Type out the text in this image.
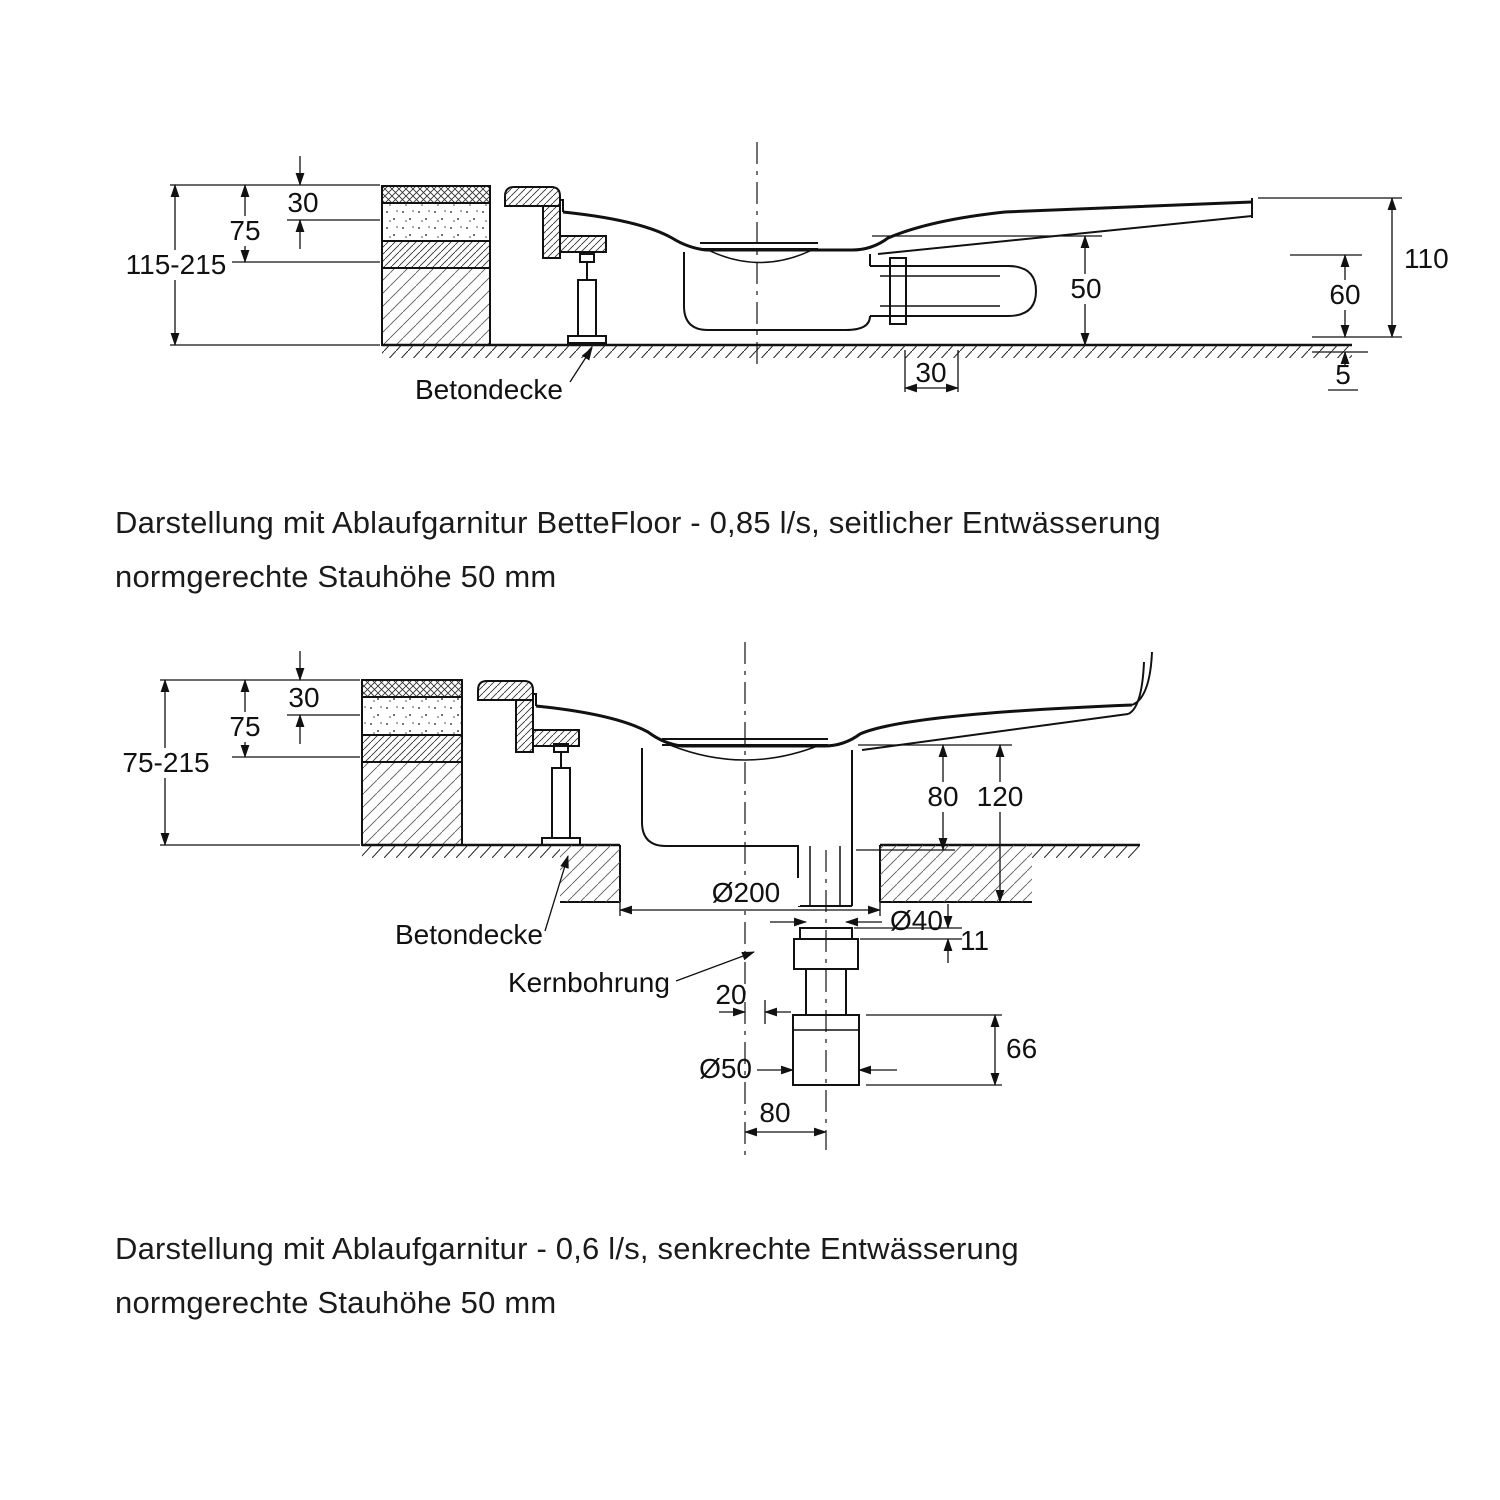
30
75
115-215
50
110
60
30	5
Betondecke
30
75
75-215
80 120
Ø200
Ø40
11
20
66
Ø50
80
Betondecke
Kernbohrung
Darstellung mit Ablaufgarnitur BetteFloor - 0,85 l/s, seitlicher Entwässerung
normgerechte Stauhöhe 50 mm
Darstellung mit Ablaufgarnitur - 0,6 l/s, senkrechte Entwässerung
normgerechte Stauhöhe 50 mm
